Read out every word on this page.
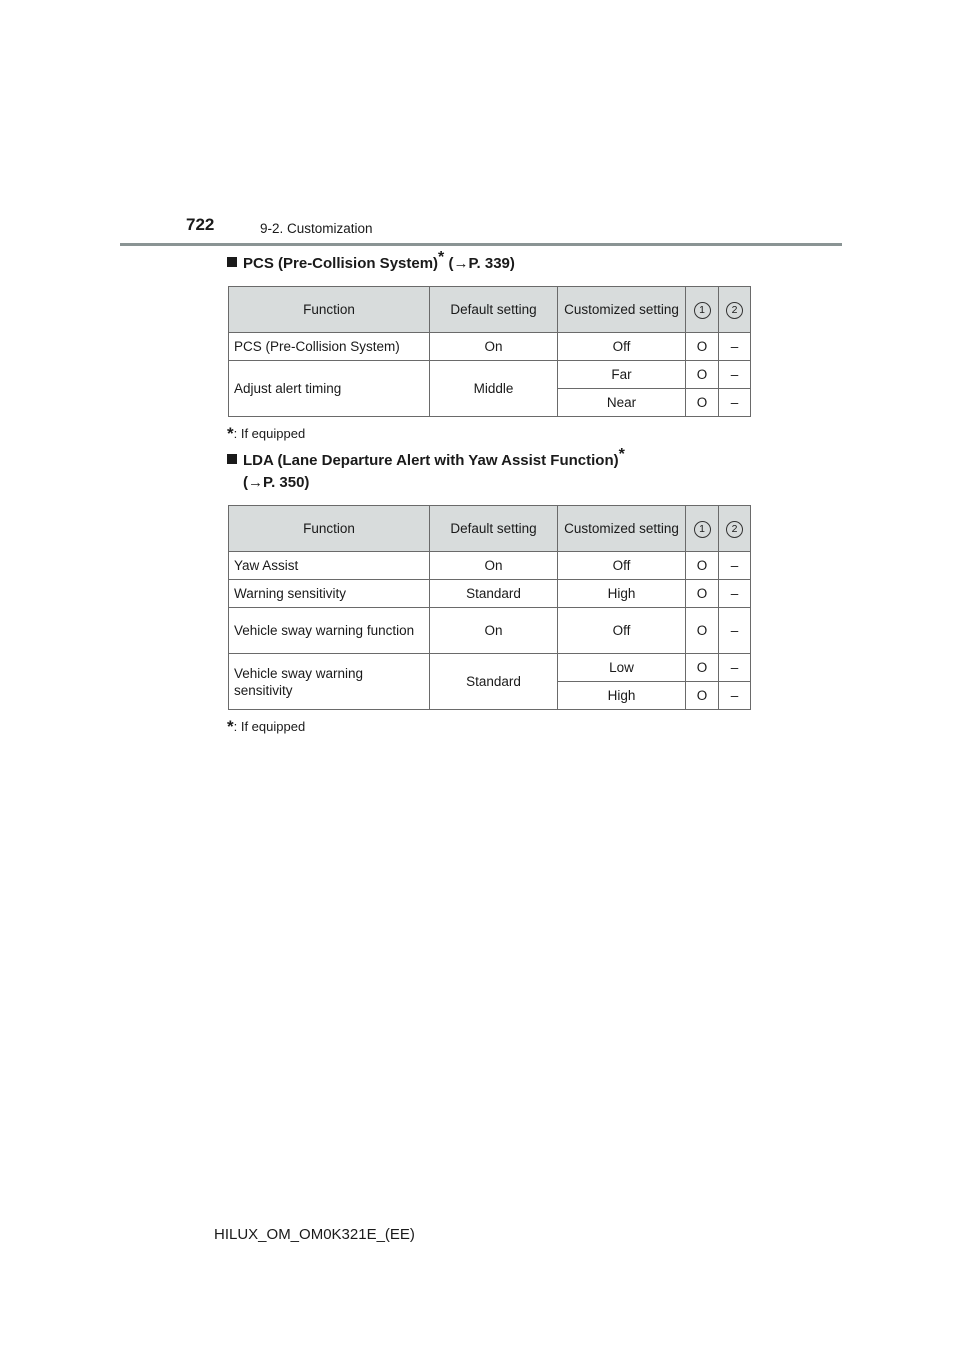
722	9-2. Customization
PCS (Pre-Collision System)* (→P. 339)
Function	Default setting	Customized setting	1	2
PCS (Pre-Collision System)	On	Off	O	–
Adjust alert timing	Middle	Far	O	–
		Near	O	–
*: If equipped
LDA (Lane Departure Alert with Yaw Assist Function)*
(→P. 350)
Function	Default setting	Customized setting	1	2
Yaw Assist	On	Off	O	–
Warning sensitivity	Standard	High	O	–
Vehicle sway warning function	On	Off	O	–
Vehicle sway warning sensitivity	Standard	Low	O	–
		High	O	–
*: If equipped
HILUX_OM_OM0K321E_(EE)
